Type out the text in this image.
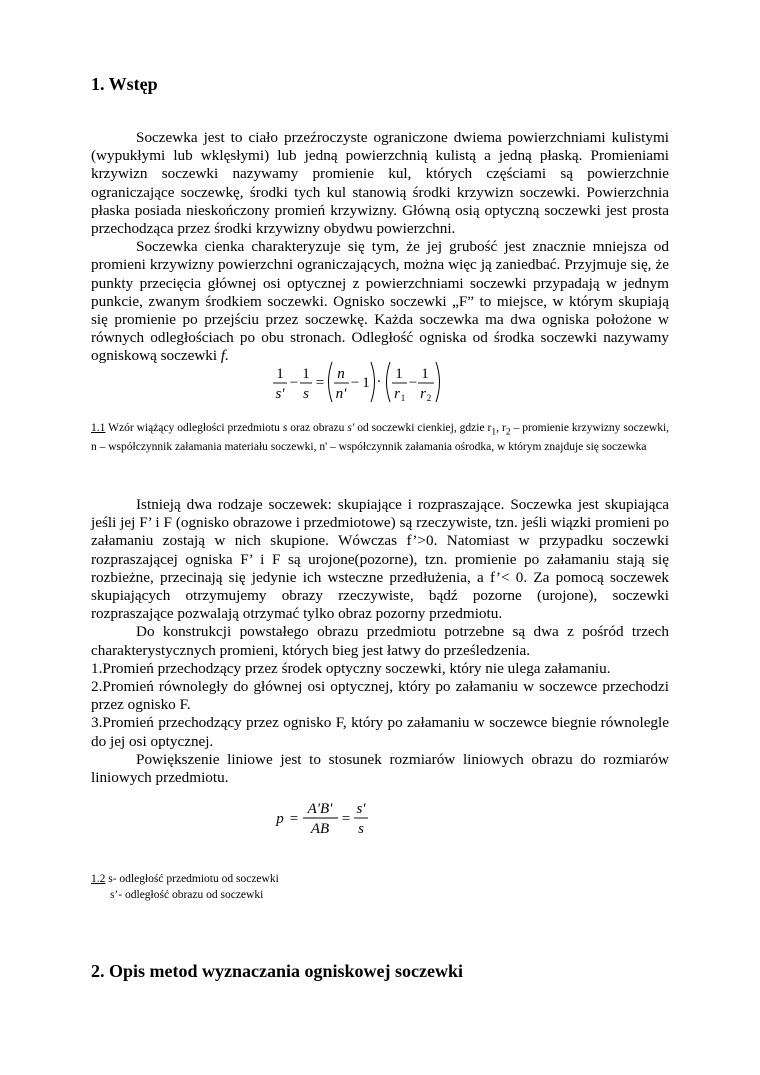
1. Wstęp

Soczewka jest to ciało przeźroczyste ograniczone dwiema powierzchniami kulistymi (wypukłymi lub wklęsłymi) lub jedną powierzchnią kulistą a jedną płaską. Promieniami krzywizn soczewki nazywamy promienie kul, których częściami są powierzchnie ograniczające soczewkę, środki tych kul stanowią środki krzywizn soczewki. Powierzchnia płaska posiada nieskończony promień krzywizny. Główną osią optyczną soczewki jest prosta przechodząca przez środki krzywizny obydwu powierzchni.

Soczewka cienka charakteryzuje się tym, że jej grubość jest znacznie mniejsza od promieni krzywizny powierzchni ograniczających, można więc ją zaniedbać. Przyjmuje się, że punkty przecięcia głównej osi optycznej z powierzchniami soczewki przypadają w jednym punkcie, zwanym środkiem soczewki. Ognisko soczewki „F” to miejsce, w którym skupiają się promienie po przejściu przez soczewkę. Każda soczewka ma dwa ogniska położone w równych odległościach po obu stronach. Odległość ogniska od środka soczewki nazywamy ogniskową soczewki f.

1
s'
−
1
s
=
n
n'
− 1 · 1
r 1
−
1
r 2

1.1 Wzór wiążący odległości przedmiotu s oraz obrazu s' od soczewki cienkiej, gdzie $r_1$, $r_2$ – promienie krzywizny soczewki, n – współczynnik załamania materiału soczewki, n' – współczynnik załamania ośrodka, w którym znajduje się soczewka

Istnieją dwa rodzaje soczewek: skupiające i rozpraszające. Soczewka jest skupiająca jeśli jej F’ i F (ognisko obrazowe i przedmiotowe) są rzeczywiste, tzn. jeśli wiązki promieni po załamaniu zostają w nich skupione. Wówczas f’>0. Natomiast w przypadku soczewki rozpraszającej ogniska F’ i F są urojone(pozorne), tzn. promienie po załamaniu stają się rozbieżne, przecinają się jedynie ich wsteczne przedłużenia, a f’< 0. Za pomocą soczewek skupiających otrzymujemy obrazy rzeczywiste, bądź pozorne (urojone), soczewki rozpraszające pozwalają otrzymać tylko obraz pozorny przedmiotu.

Do konstrukcji powstałego obrazu przedmiotu potrzebne są dwa z pośród trzech charakterystycznych promieni, których bieg jest łatwy do prześledzenia.

1.Promień przechodzący przez środek optyczny soczewki, który nie ulega załamaniu.

2.Promień równoległy do głównej osi optycznej, który po załamaniu w soczewce przechodzi przez ognisko F.

3.Promień przechodzący przez ognisko F, który po załamaniu w soczewce biegnie równolegle do jej osi optycznej.

Powiększenie liniowe jest to stosunek rozmiarów liniowych obrazu do rozmiarów liniowych przedmiotu.

p =
A'B'
AB
=
s'
s

1.2 s- odległość przedmiotu od soczewki

s’- odległość obrazu od soczewki

2. Opis metod wyznaczania ogniskowej soczewki
